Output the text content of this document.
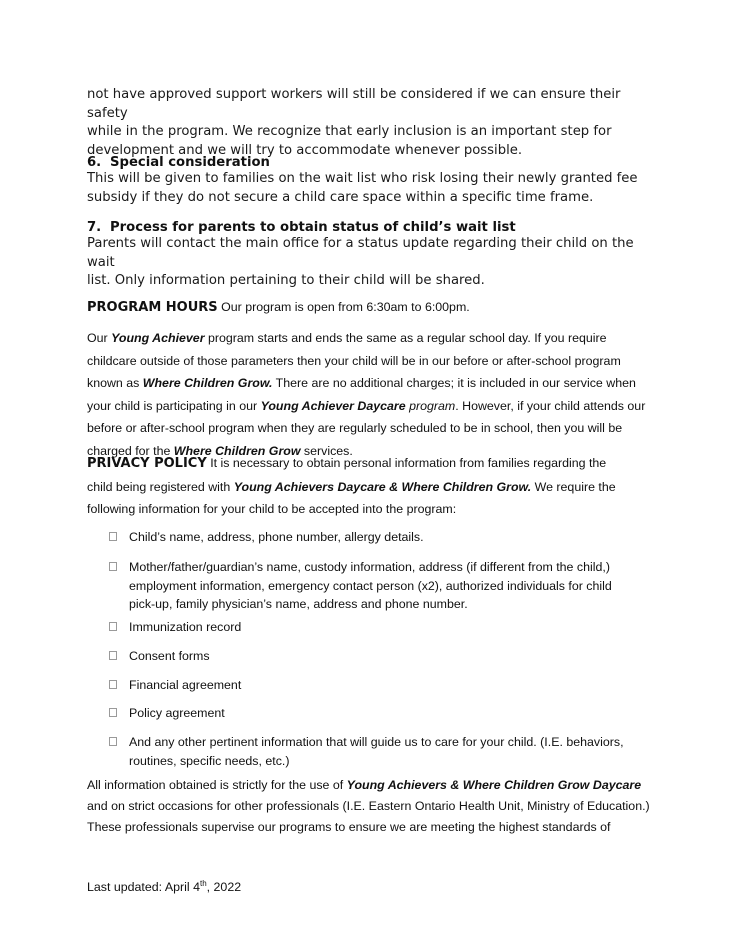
not have approved support workers will still be considered if we can ensure their safety
while in the program. We recognize that early inclusion is an important step for
development and we will try to accommodate whenever possible.
6. Special consideration
This will be given to families on the wait list who risk losing their newly granted fee
subsidy if they do not secure a child care space within a specific time frame.
7. Process for parents to obtain status of child’s wait list
Parents will contact the main office for a status update regarding their child on the wait
list. Only information pertaining to their child will be shared.
PROGRAM HOURS Our program is open from 6:30am to 6:00pm.
Our Young Achiever program starts and ends the same as a regular school day. If you require childcare outside of those parameters then your child will be in our before or after-school program known as Where Children Grow. There are no additional charges; it is included in our service when your child is participating in our Young Achiever Daycare program. However, if your child attends our before or after-school program when they are regularly scheduled to be in school, then you will be charged for the Where Children Grow services.
PRIVACY POLICY It is necessary to obtain personal information from families regarding the child being registered with Young Achievers Daycare & Where Children Grow. We require the following information for your child to be accepted into the program:
Child’s name, address, phone number, allergy details.
Mother/father/guardian’s name, custody information, address (if different from the child,) employment information, emergency contact person (x2), authorized individuals for child pick-up, family physician’s name, address and phone number.
Immunization record
Consent forms
Financial agreement
Policy agreement
And any other pertinent information that will guide us to care for your child. (I.E. behaviors, routines, specific needs, etc.)
All information obtained is strictly for the use of Young Achievers & Where Children Grow Daycare and on strict occasions for other professionals (I.E. Eastern Ontario Health Unit, Ministry of Education.) These professionals supervise our programs to ensure we are meeting the highest standards of
Last updated: April 4th, 2022
